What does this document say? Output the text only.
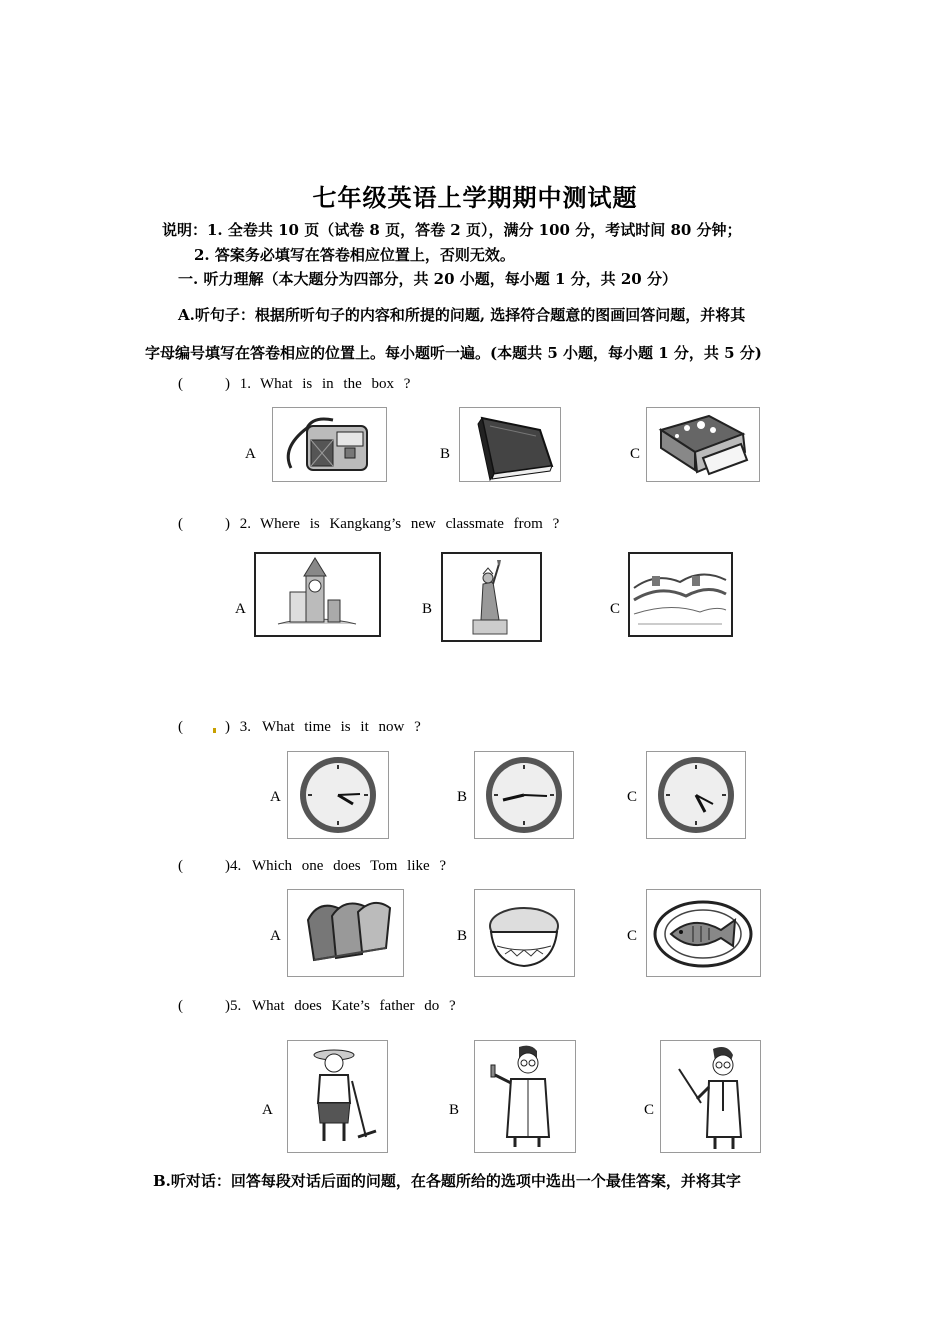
七年级英语上学期期中测试题
说明：1. 全卷共 10 页（试卷 8 页，答卷 2 页），满分 100 分，考试时间 80 分钟；
2. 答案务必填写在答卷相应位置上，否则无效。
一. 听力理解（本大题分为四部分，共 20 小题，每小题 1 分，共 20 分）
A.听句子：根据所听句子的内容和所提的问题, 选择符合题意的图画回答问题，并将其
字母编号填写在答卷相应的位置上。每小题听一遍。(本题共 5 小题，每小题 1 分，共 5 分)
(	) 1. What is in the box ?
A	B	C
(	) 2. Where is Kangkang’s new classmate from ?
A	B	C
(	) 3. What time is it now ?
A	B	C
(	)4. Which one does Tom like ?
A	B	C
(	)5. What does Kate’s father do ?
A	B	C
B.听对话：回答每段对话后面的问题，在各题所给的选项中选出一个最佳答案，并将其字
